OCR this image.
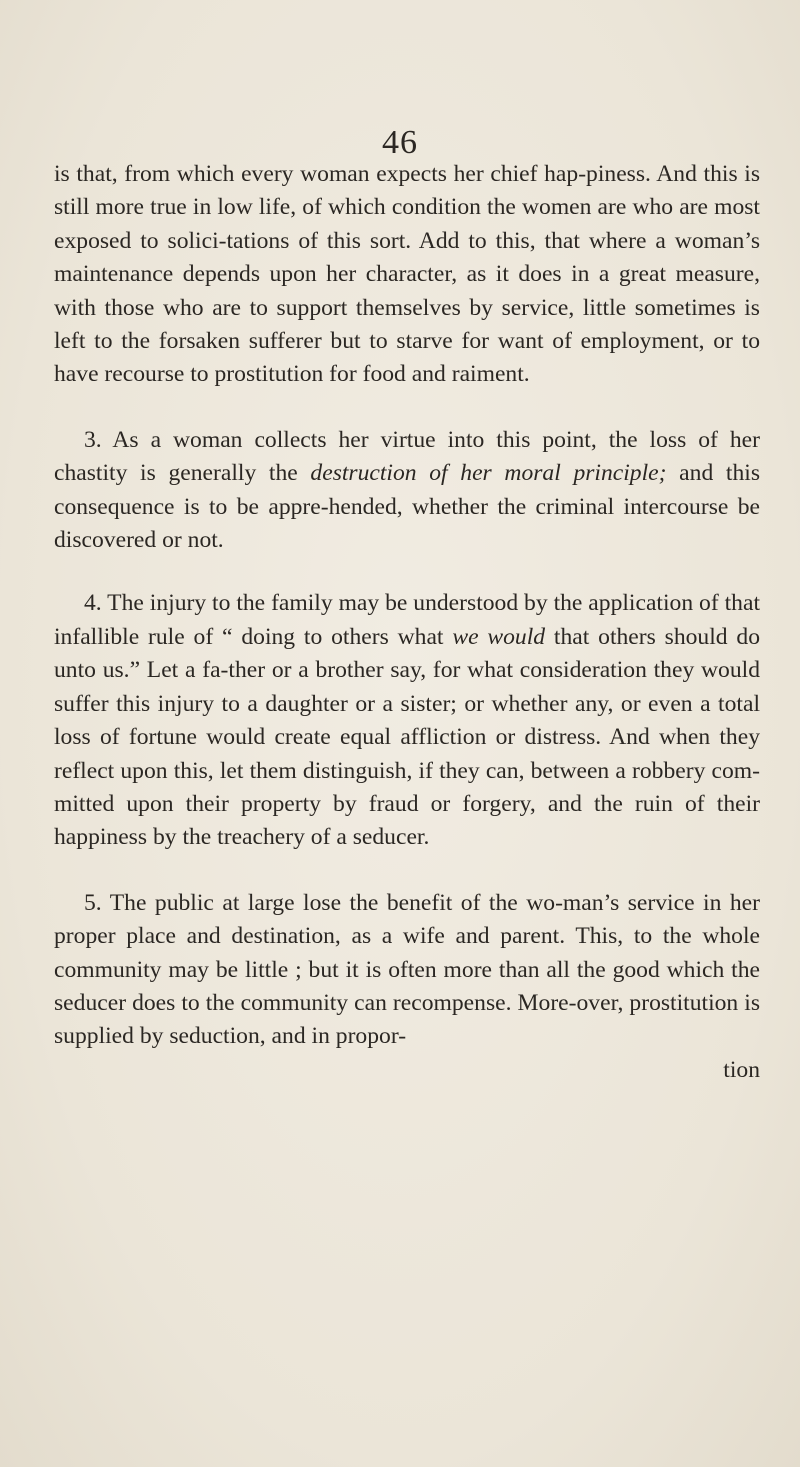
46

is that, from which every woman expects her chief hap-piness. And this is still more true in low life, of which condition the women are who are most exposed to solici-tations of this sort. Add to this, that where a woman’s maintenance depends upon her character, as it does in a great measure, with those who are to support themselves by service, little sometimes is left to the forsaken sufferer but to starve for want of employment, or to have recourse to prostitution for food and raiment.

3. As a woman collects her virtue into this point, the loss of her chastity is generally the destruction of her moral principle; and this consequence is to be appre-hended, whether the criminal intercourse be discovered or not.

4. The injury to the family may be understood by the application of that infallible rule of “ doing to others what we would that others should do unto us.” Let a fa-ther or a brother say, for what consideration they would suffer this injury to a daughter or a sister; or whether any, or even a total loss of fortune would create equal affliction or distress. And when they reflect upon this, let them distinguish, if they can, between a robbery com-mitted upon their property by fraud or forgery, and the ruin of their happiness by the treachery of a seducer.

5. The public at large lose the benefit of the wo-man’s service in her proper place and destination, as a wife and parent. This, to the whole community may be little ; but it is often more than all the good which the seducer does to the community can recompense. More-over, prostitution is supplied by seduction, and in propor-
tion
